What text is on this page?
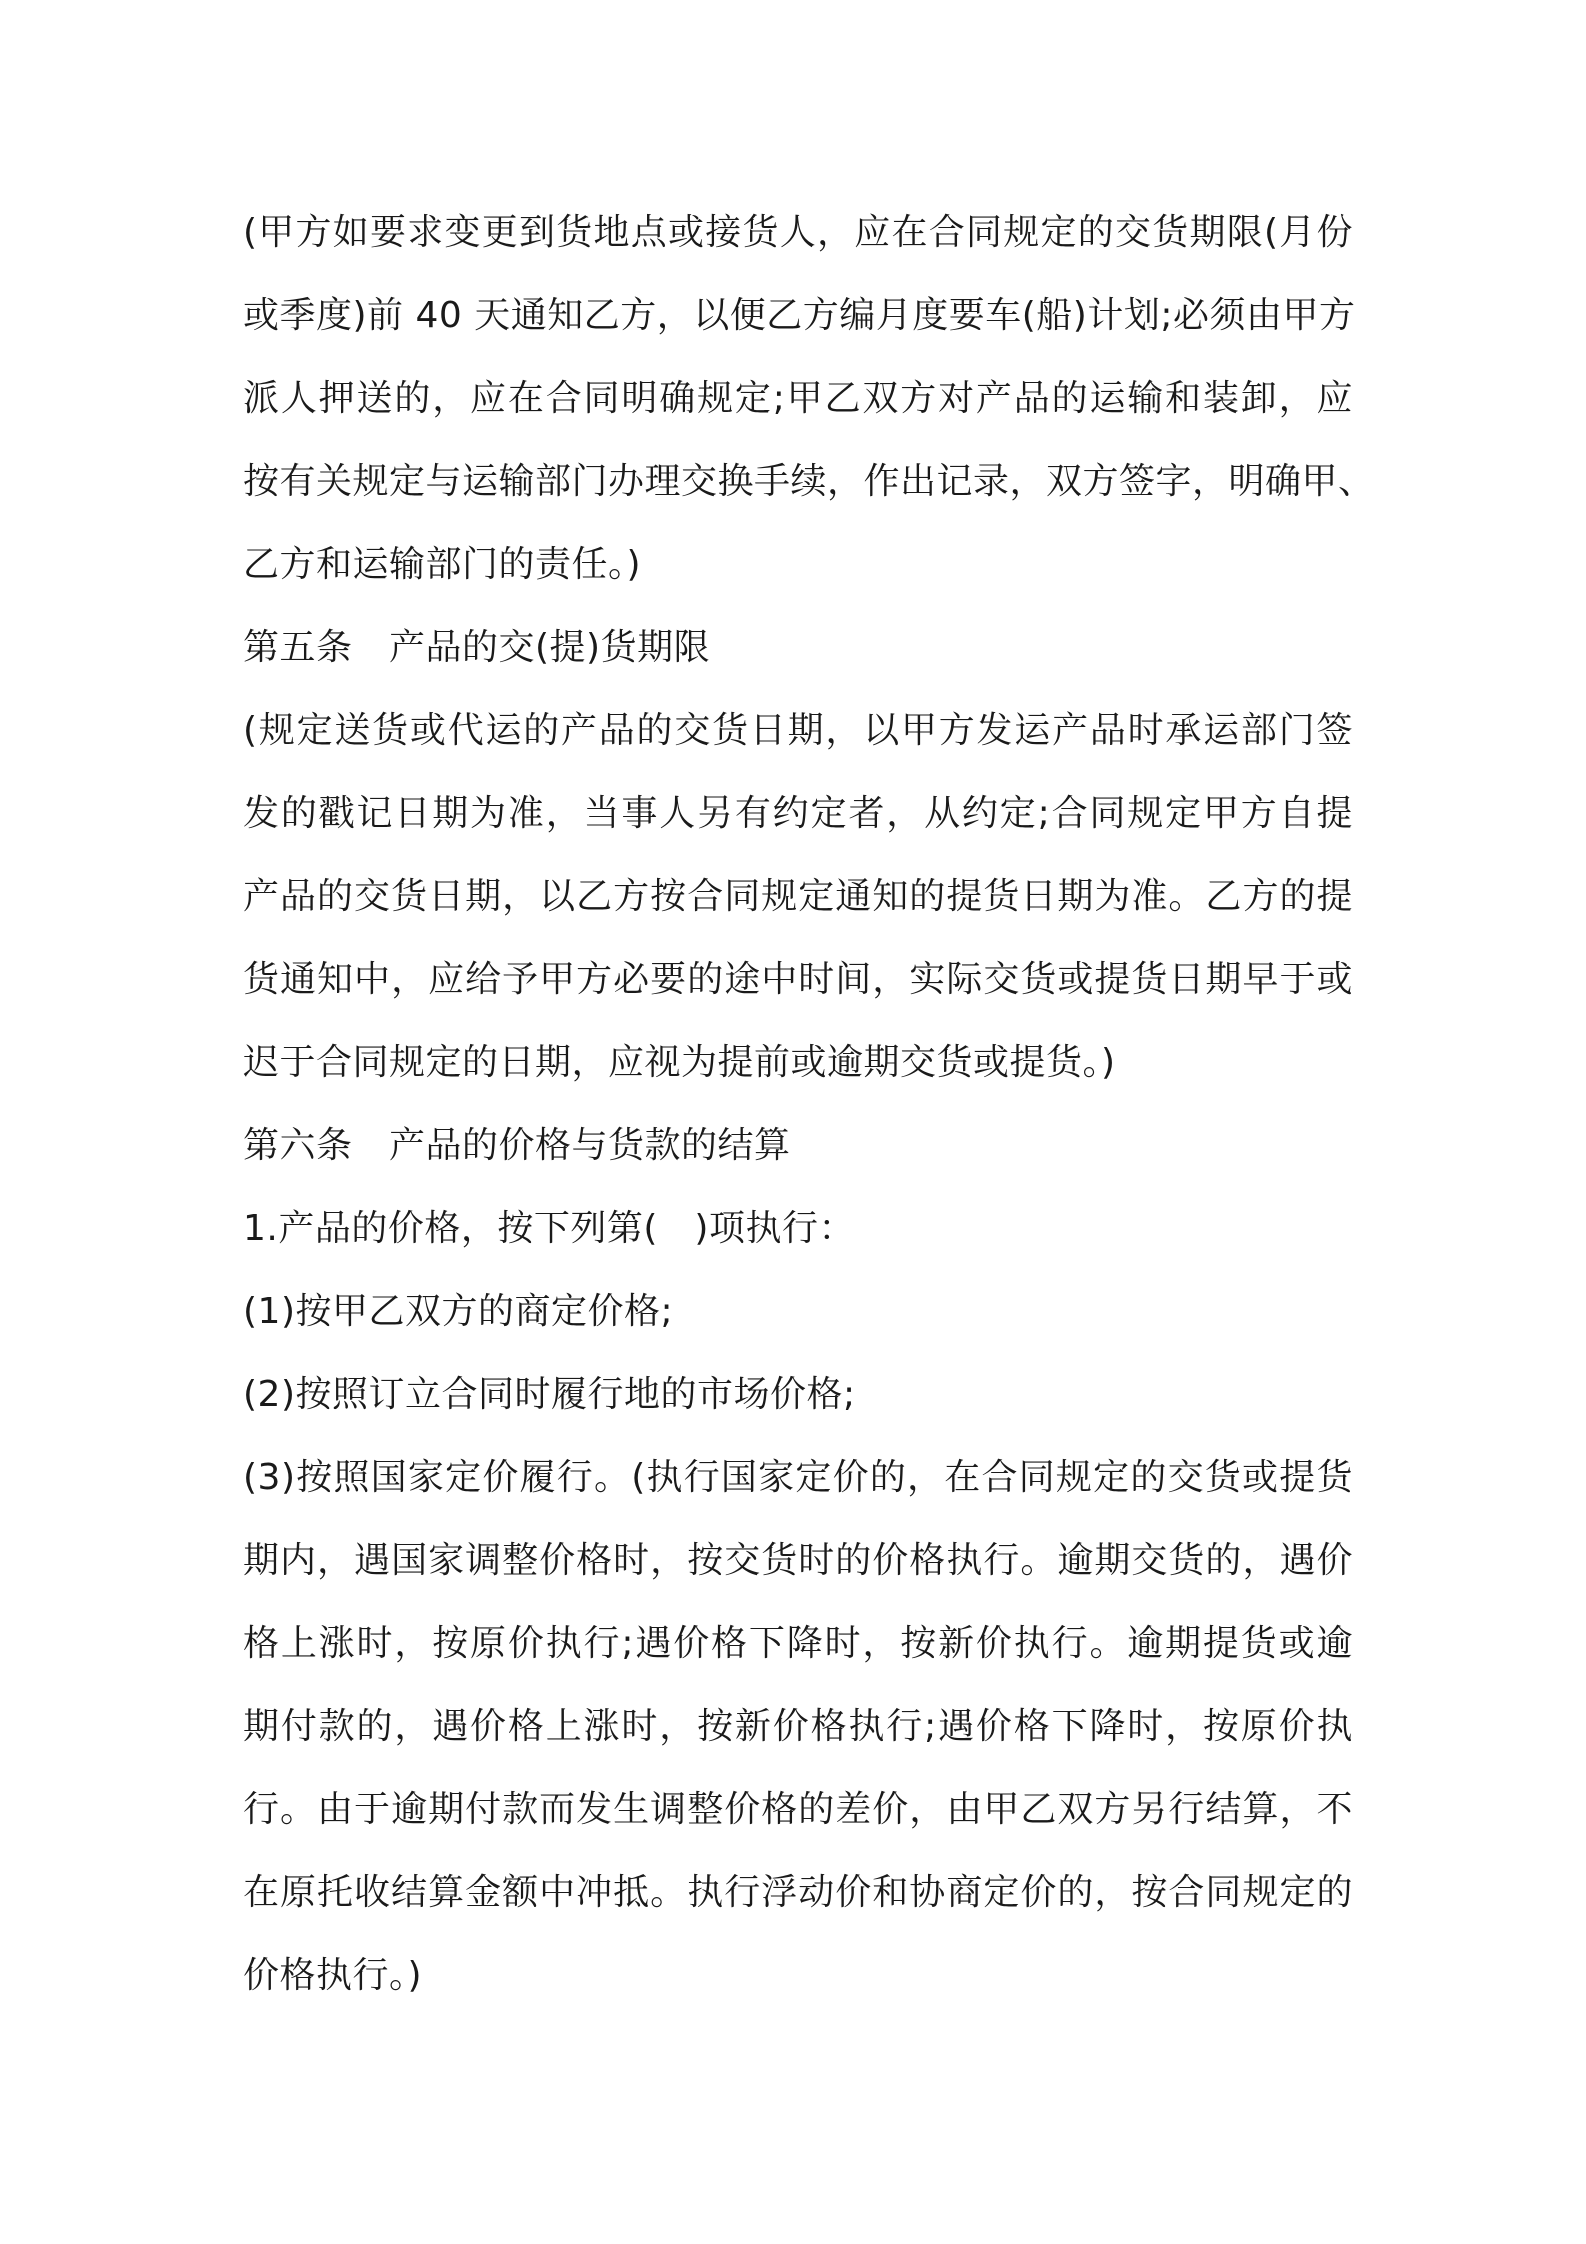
(甲方如要求变更到货地点或接货人，应在合同规定的交货期限(月份
或季度)前 40 天通知乙方，以便乙方编月度要车(船)计划;必须由甲方
派人押送的，应在合同明确规定;甲乙双方对产品的运输和装卸，应
按有关规定与运输部门办理交换手续，作出记录，双方签字，明确甲、
乙方和运输部门的责任。)
第五条　产品的交(提)货期限
(规定送货或代运的产品的交货日期，以甲方发运产品时承运部门签
发的戳记日期为准，当事人另有约定者，从约定;合同规定甲方自提
产品的交货日期，以乙方按合同规定通知的提货日期为准。乙方的提
货通知中，应给予甲方必要的途中时间，实际交货或提货日期早于或
迟于合同规定的日期，应视为提前或逾期交货或提货。)
第六条　产品的价格与货款的结算
1.产品的价格，按下列第(　)项执行：
(1)按甲乙双方的商定价格;
(2)按照订立合同时履行地的市场价格;
(3)按照国家定价履行。(执行国家定价的，在合同规定的交货或提货
期内，遇国家调整价格时，按交货时的价格执行。逾期交货的，遇价
格上涨时，按原价执行;遇价格下降时，按新价执行。逾期提货或逾
期付款的，遇价格上涨时，按新价格执行;遇价格下降时，按原价执
行。由于逾期付款而发生调整价格的差价，由甲乙双方另行结算，不
在原托收结算金额中冲抵。执行浮动价和协商定价的，按合同规定的
价格执行。)
